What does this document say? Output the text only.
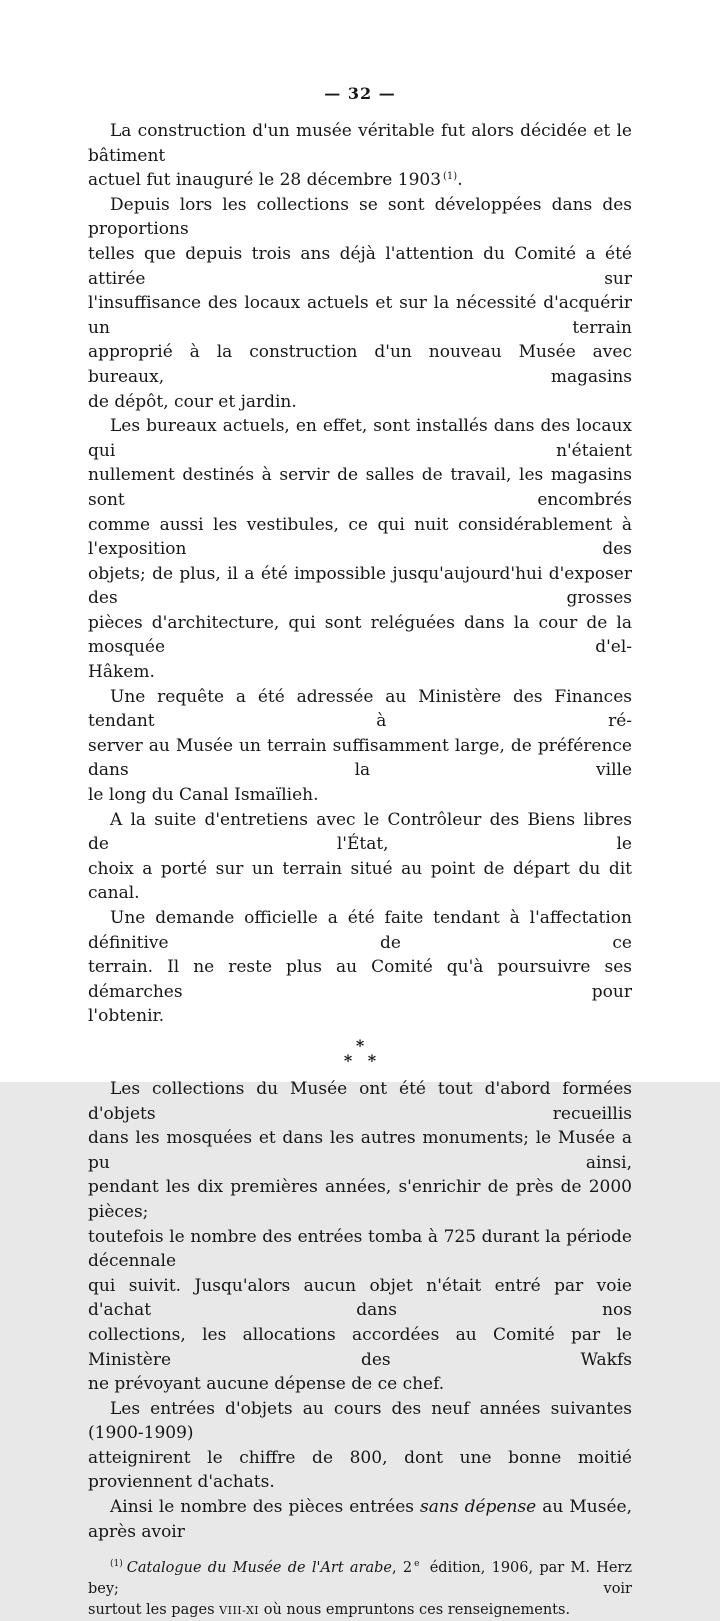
— 32 —

La construction d'un musée véritable fut alors décidée et le bâtiment

actuel fut inauguré le 28 décembre 1903 $^{(1)}$.

Depuis lors les collections se sont développées dans des proportions

telles que depuis trois ans déjà l'attention du Comité a été attirée sur

l'insuffisance des locaux actuels et sur la nécessité d'acquérir un terrain

approprié à la construction d'un nouveau Musée avec bureaux, magasins

de dépôt, cour et jardin.

Les bureaux actuels, en effet, sont installés dans des locaux qui n'étaient

nullement destinés à servir de salles de travail, les magasins sont encombrés

comme aussi les vestibules, ce qui nuit considérablement à l'exposition des

objets; de plus, il a été impossible jusqu'aujourd'hui d'exposer des grosses

pièces d'architecture, qui sont reléguées dans la cour de la mosquée d'el-

Hâkem.

Une requête a été adressée au Ministère des Finances tendant à ré-

server au Musée un terrain suffisamment large, de préférence dans la ville

le long du Canal Ismaïlieh.

A la suite d'entretiens avec le Contrôleur des Biens libres de l'État, le

choix a porté sur un terrain situé au point de départ du dit canal.

Une demande officielle a été faite tendant à l'affectation définitive de ce

terrain. Il ne reste plus au Comité qu'à poursuivre ses démarches pour

l'obtenir.

*
* *

Les collections du Musée ont été tout d'abord formées d'objets recueillis

dans les mosquées et dans les autres monuments; le Musée a pu ainsi,

pendant les dix premières années, s'enrichir de près de 2000 pièces;

toutefois le nombre des entrées tomba à 725 durant la période décennale

qui suivit. Jusqu'alors aucun objet n'était entré par voie d'achat dans nos

collections, les allocations accordées au Comité par le Ministère des Wakfs

ne prévoyant aucune dépense de ce chef.

Les entrées d'objets au cours des neuf années suivantes (1900-1909)

atteignirent le chiffre de 800, dont une bonne moitié proviennent d'achats.

Ainsi le nombre des pièces entrées sans dépense au Musée, après avoir

$^{(1)}$ Catalogue du Musée de l'Art arabe, 2 $^e$ édition, 1906, par M. Herz bey; voir

surtout les pages VIII-XI où nous empruntons ces renseignements.
